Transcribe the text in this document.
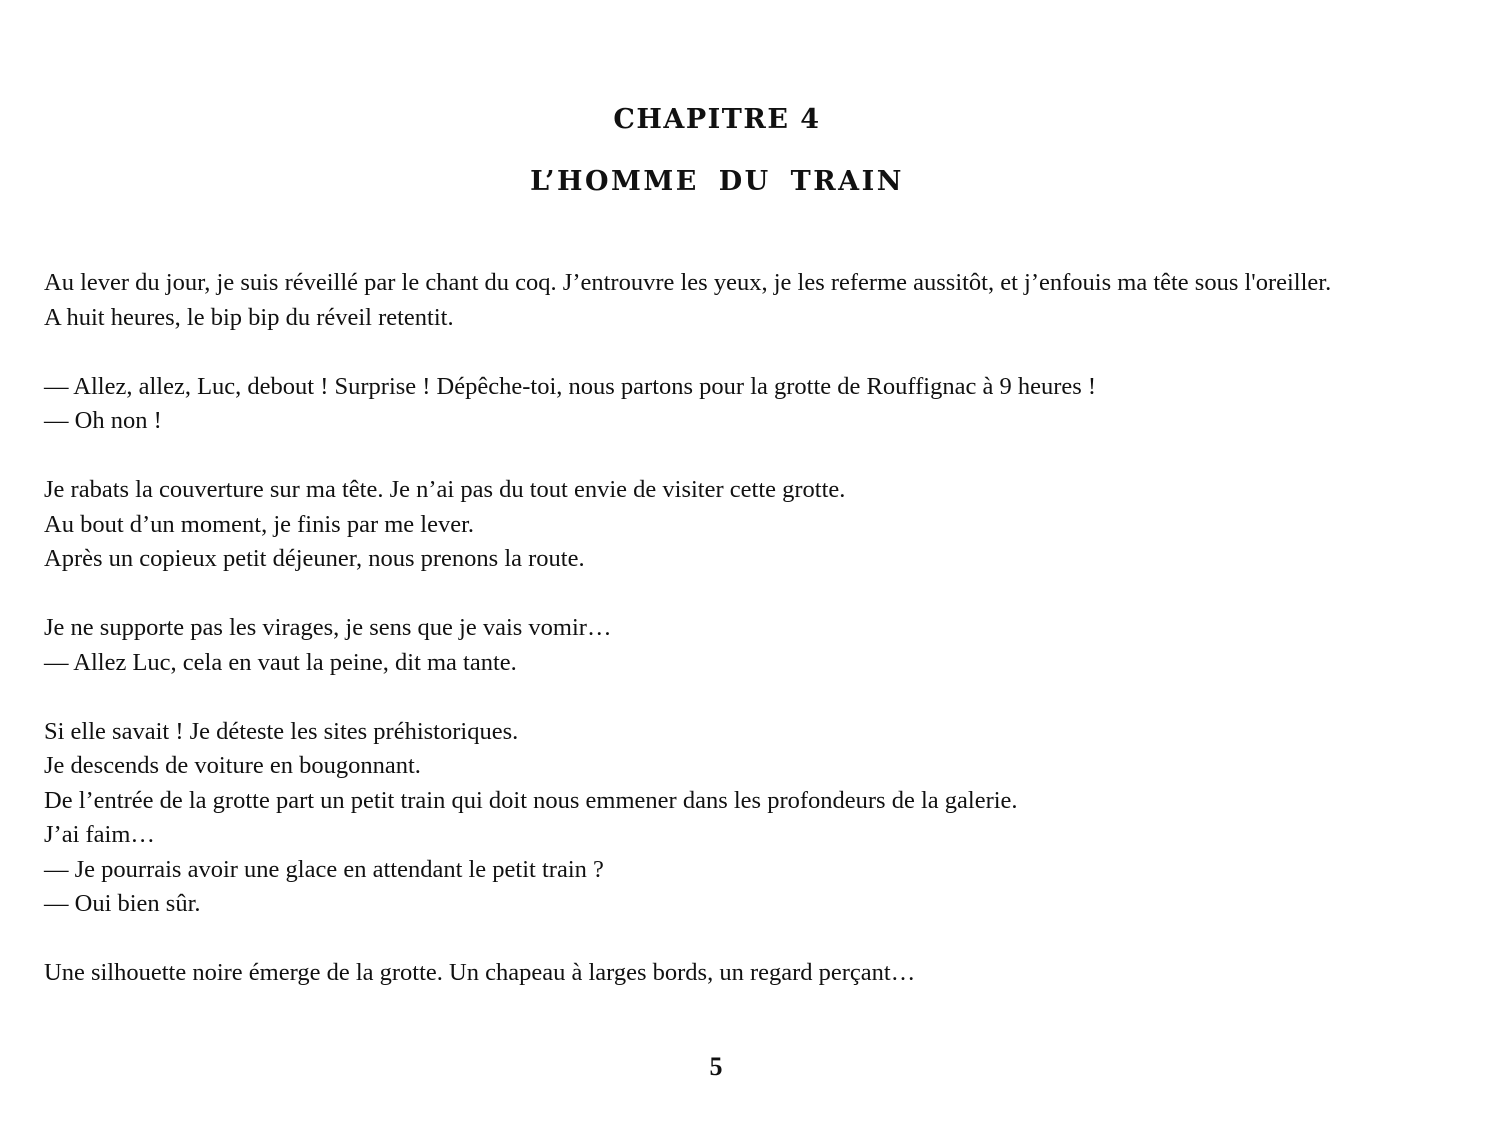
CHAPITRE 4
L’HOMME DU TRAIN

Au lever du jour, je suis réveillé par le chant du coq. J’entrouvre les yeux, je les referme aussitôt, et j’enfouis ma tête sous l'oreiller.
A huit heures, le bip bip du réveil retentit.

— Allez, allez, Luc, debout ! Surprise ! Dépêche-toi, nous partons pour la grotte de Rouffignac à 9 heures !
— Oh non !

Je rabats la couverture sur ma tête. Je n’ai pas du tout envie de visiter cette grotte.
Au bout d’un moment, je finis par me lever.
Après un copieux petit déjeuner, nous prenons la route.

Je ne supporte pas les virages, je sens que je vais vomir…
— Allez Luc, cela en vaut la peine, dit ma tante.

Si elle savait ! Je déteste les sites préhistoriques.
Je descends de voiture en bougonnant.
De l’entrée de la grotte part un petit train qui doit nous emmener dans les profondeurs de la galerie.
J’ai faim…
— Je pourrais avoir une glace en attendant le petit train ?
— Oui bien sûr.

Une silhouette noire émerge de la grotte. Un chapeau à larges bords, un regard perçant…

5
